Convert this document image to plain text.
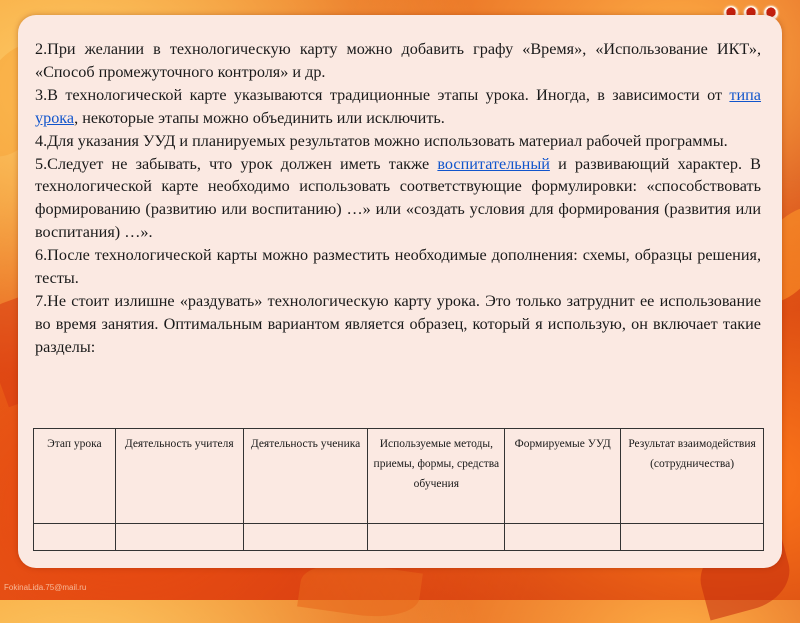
2.При желании в технологическую карту можно добавить графу «Время», «Использование ИКТ», «Способ промежуточного контроля» и др.

3.В технологической карте указываются традиционные этапы урока. Иногда, в зависимости от типа урока, некоторые этапы можно объединить или исключить.

4.Для указания УУД и планируемых результатов можно использовать материал рабочей программы.

5.Следует не забывать, что урок должен иметь также воспитательный и развивающий характер. В технологической карте необходимо использовать соответствующие формулировки: «способствовать формированию (развитию или воспитанию) …» или «создать условия для формирования (развития или воспитания) …».

6.После технологической карты можно разместить необходимые дополнения: схемы, образцы решения, тесты.

7.Не стоит излишне «раздувать» технологическую карту урока. Это только затруднит ее использование во время занятия. Оптимальным вариантом является образец, который я использую, он включает такие разделы:

Этап урока	Деятельность учителя	Деятельность ученика	Используемые методы, приемы, формы, средства обучения	Формируемые УУД	Результат взаимодействия (сотрудничества)

FokinaLida.75@mail.ru
